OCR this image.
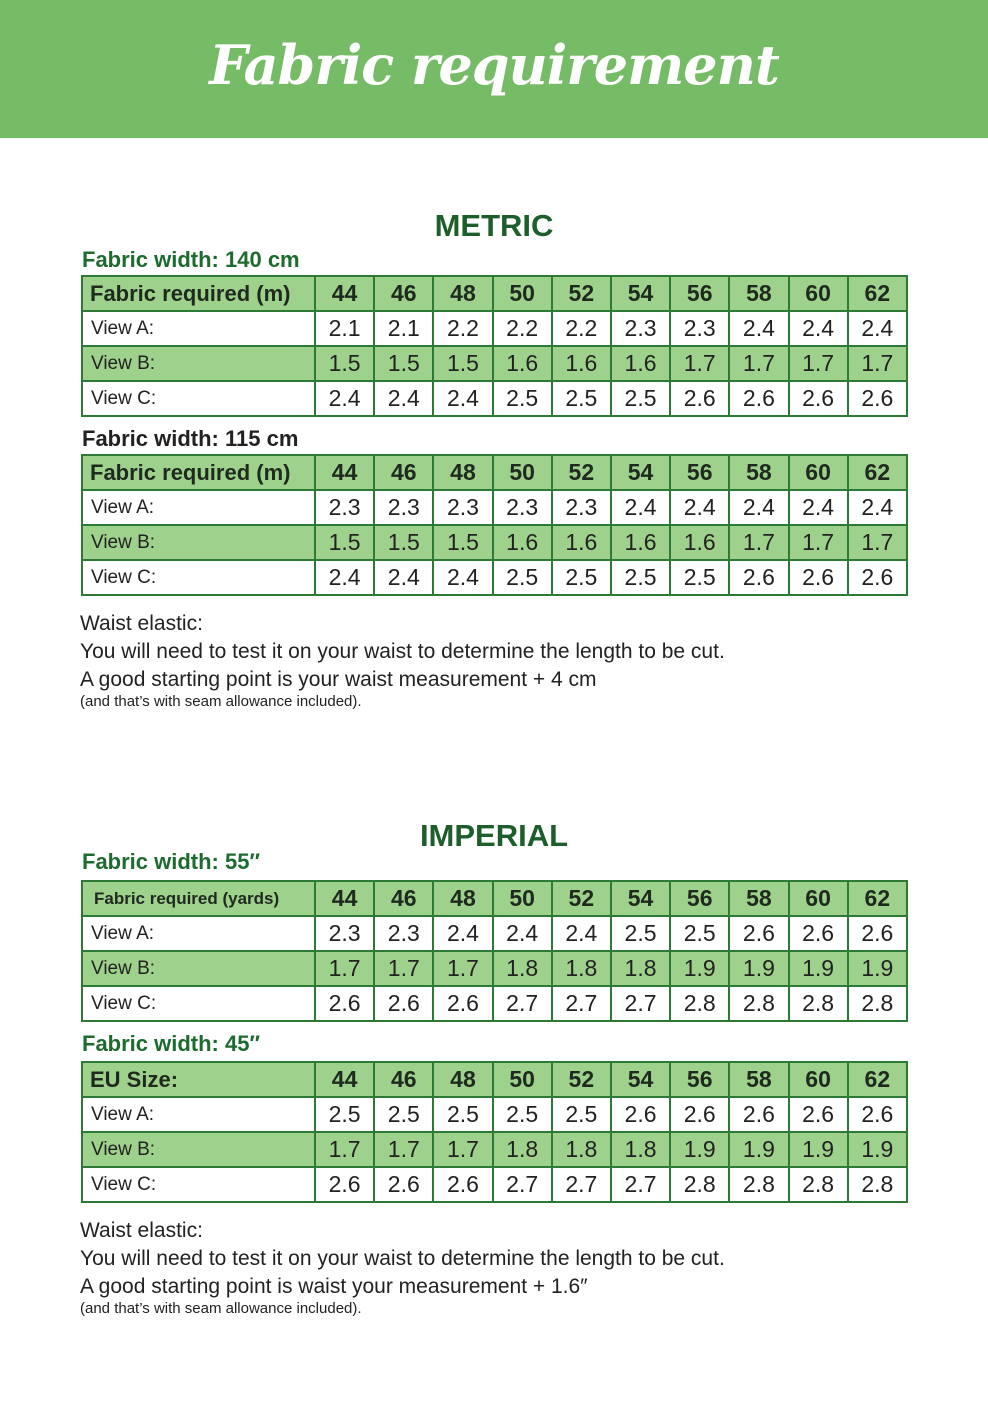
Fabric requirement
METRIC
Fabric width: 140 cm
Fabric required (m)	44	46	48	50	52	54	56	58	60	62
View A:	2.1	2.1	2.2	2.2	2.2	2.3	2.3	2.4	2.4	2.4
View B:	1.5	1.5	1.5	1.6	1.6	1.6	1.7	1.7	1.7	1.7
View C:	2.4	2.4	2.4	2.5	2.5	2.5	2.6	2.6	2.6	2.6
Fabric width: 115 cm
Fabric required (m)	44	46	48	50	52	54	56	58	60	62
View A:	2.3	2.3	2.3	2.3	2.3	2.4	2.4	2.4	2.4	2.4
View B:	1.5	1.5	1.5	1.6	1.6	1.6	1.6	1.7	1.7	1.7
View C:	2.4	2.4	2.4	2.5	2.5	2.5	2.5	2.6	2.6	2.6
Waist elastic:
You will need to test it on your waist to determine the length to be cut.
A good starting point is your waist measurement + 4 cm
(and that’s with seam allowance included).
IMPERIAL
Fabric width: 55″
Fabric required (yards)	44	46	48	50	52	54	56	58	60	62
View A:	2.3	2.3	2.4	2.4	2.4	2.5	2.5	2.6	2.6	2.6
View B:	1.7	1.7	1.7	1.8	1.8	1.8	1.9	1.9	1.9	1.9
View C:	2.6	2.6	2.6	2.7	2.7	2.7	2.8	2.8	2.8	2.8
Fabric width: 45″
EU Size:	44	46	48	50	52	54	56	58	60	62
View A:	2.5	2.5	2.5	2.5	2.5	2.6	2.6	2.6	2.6	2.6
View B:	1.7	1.7	1.7	1.8	1.8	1.8	1.9	1.9	1.9	1.9
View C:	2.6	2.6	2.6	2.7	2.7	2.7	2.8	2.8	2.8	2.8
Waist elastic:
You will need to test it on your waist to determine the length to be cut.
A good starting point is waist your measurement + 1.6″
(and that’s with seam allowance included).
